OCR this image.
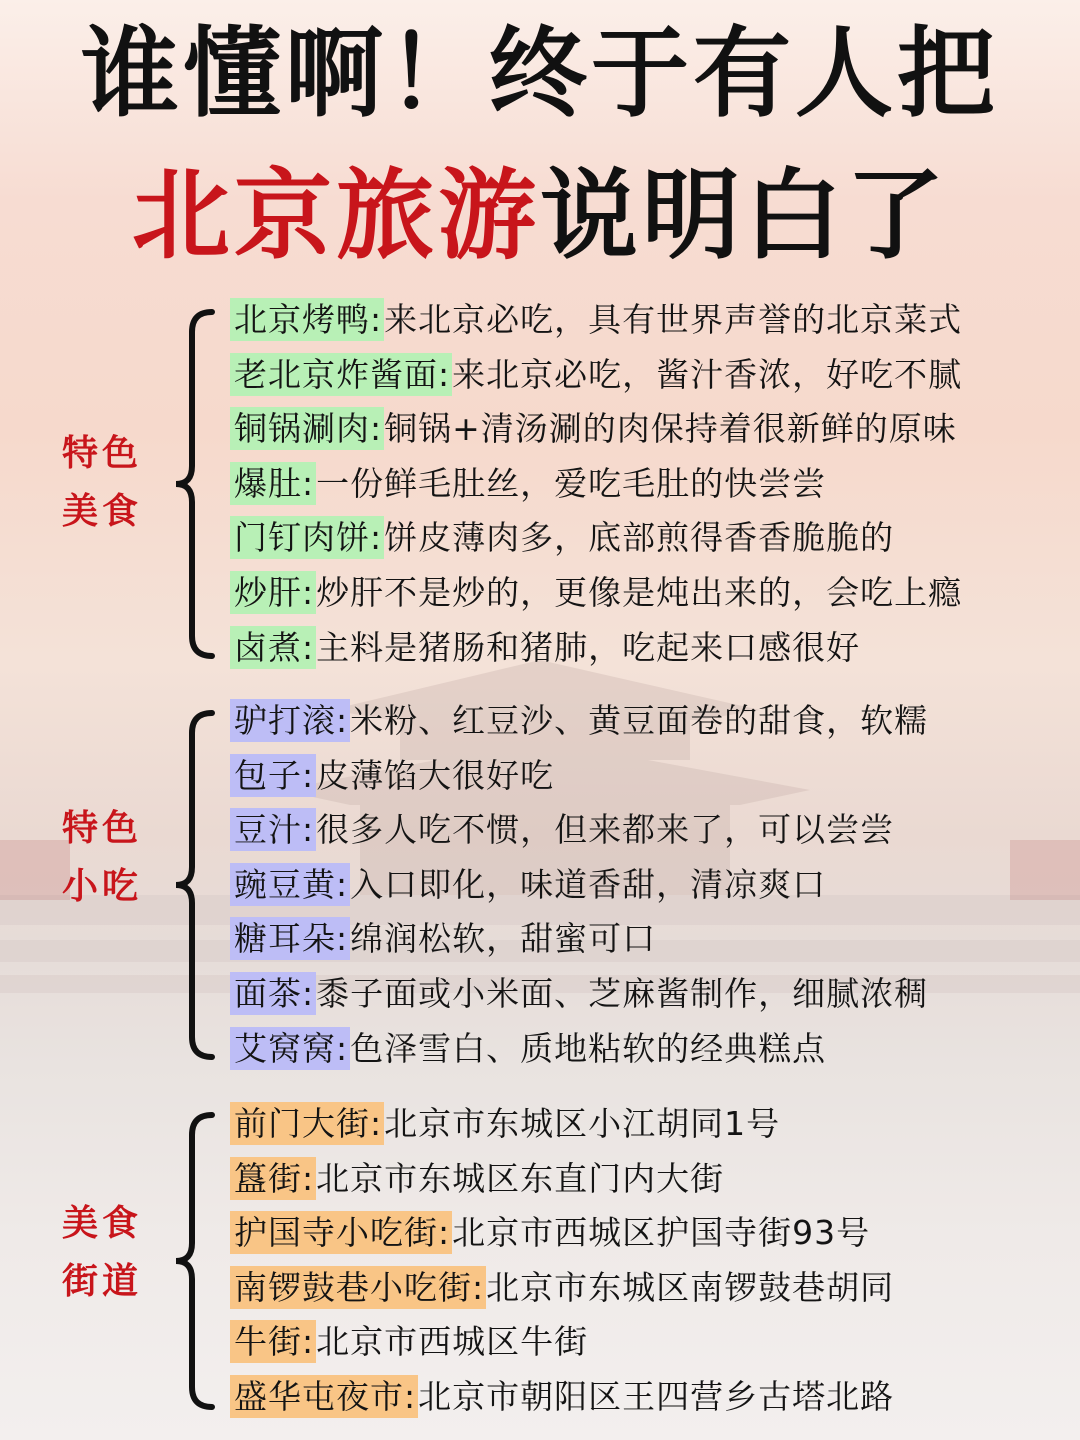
谁懂啊！终于有人把
北京旅游说明白了
特色
美食
北京烤鸭:来北京必吃，具有世界声誉的北京菜式
老北京炸酱面:来北京必吃，酱汁香浓，好吃不腻
铜锅涮肉:铜锅+清汤涮的肉保持着很新鲜的原味
爆肚:一份鲜毛肚丝，爱吃毛肚的快尝尝
门钉肉饼:饼皮薄肉多，底部煎得香香脆脆的
炒肝:炒肝不是炒的，更像是炖出来的，会吃上瘾
卤煮:主料是猪肠和猪肺，吃起来口感很好
特色
小吃
驴打滚:米粉、红豆沙、黄豆面卷的甜食，软糯
包子:皮薄馅大很好吃
豆汁:很多人吃不惯，但来都来了，可以尝尝
豌豆黄:入口即化，味道香甜，清凉爽口
糖耳朵:绵润松软，甜蜜可口
面茶:黍子面或小米面、芝麻酱制作，细腻浓稠
艾窝窝:色泽雪白、质地粘软的经典糕点
美食
街道
前门大街:北京市东城区小江胡同1号
簋街:北京市东城区东直门内大街
护国寺小吃街:北京市西城区护国寺街93号
南锣鼓巷小吃街:北京市东城区南锣鼓巷胡同
牛街:北京市西城区牛街
盛华屯夜市:北京市朝阳区王四营乡古塔北路
